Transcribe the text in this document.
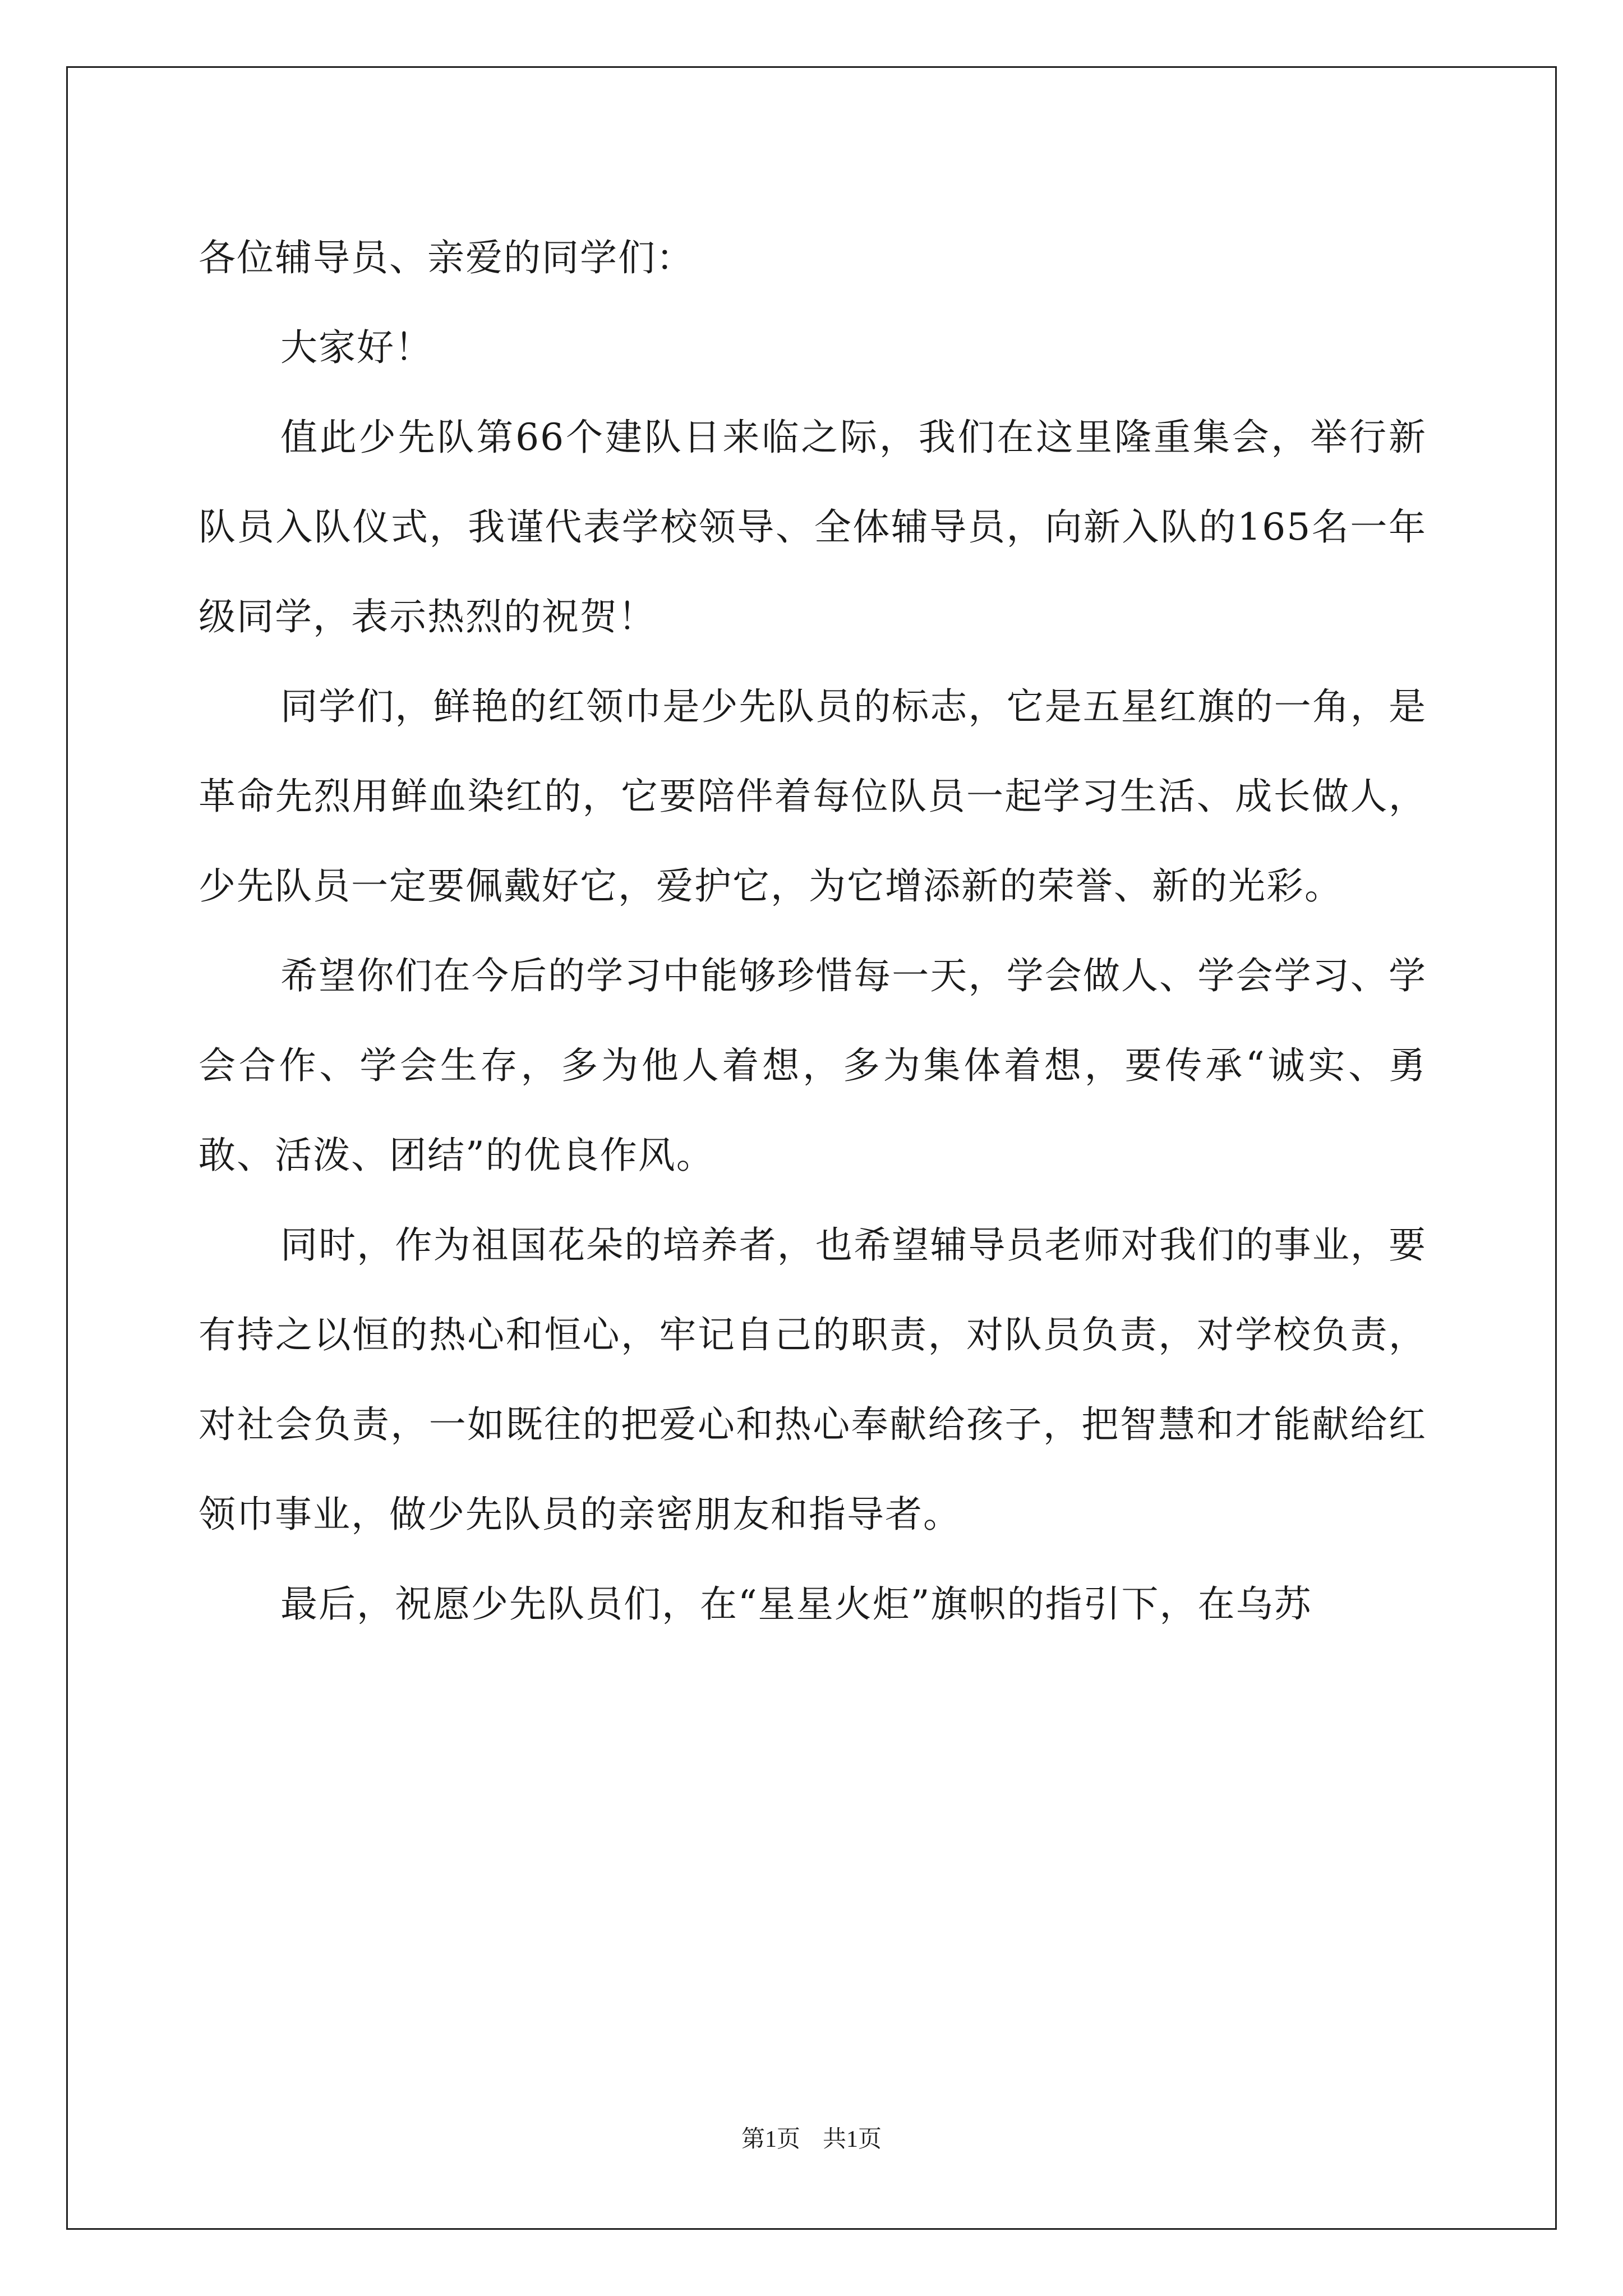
各位辅导员、亲爱的同学们：

大家好！

值此少先队第66个建队日来临之际，我们在这里隆重集会，举行新队员入队仪式，我谨代表学校领导、全体辅导员，向新入队的165名一年级同学，表示热烈的祝贺！

同学们，鲜艳的红领巾是少先队员的标志，它是五星红旗的一角，是革命先烈用鲜血染红的，它要陪伴着每位队员一起学习生活、成长做人，少先队员一定要佩戴好它，爱护它，为它增添新的荣誉、新的光彩。

希望你们在今后的学习中能够珍惜每一天，学会做人、学会学习、学会合作、学会生存，多为他人着想，多为集体着想，要传承“诚实、勇敢、活泼、团结”的优良作风。

同时，作为祖国花朵的培养者，也希望辅导员老师对我们的事业，要有持之以恒的热心和恒心，牢记自己的职责，对队员负责，对学校负责，对社会负责，一如既往的把爱心和热心奉献给孩子，把智慧和才能献给红领巾事业，做少先队员的亲密朋友和指导者。

最后，祝愿少先队员们，在“星星火炬”旗帜的指引下，在乌苏

第1页 共1页
